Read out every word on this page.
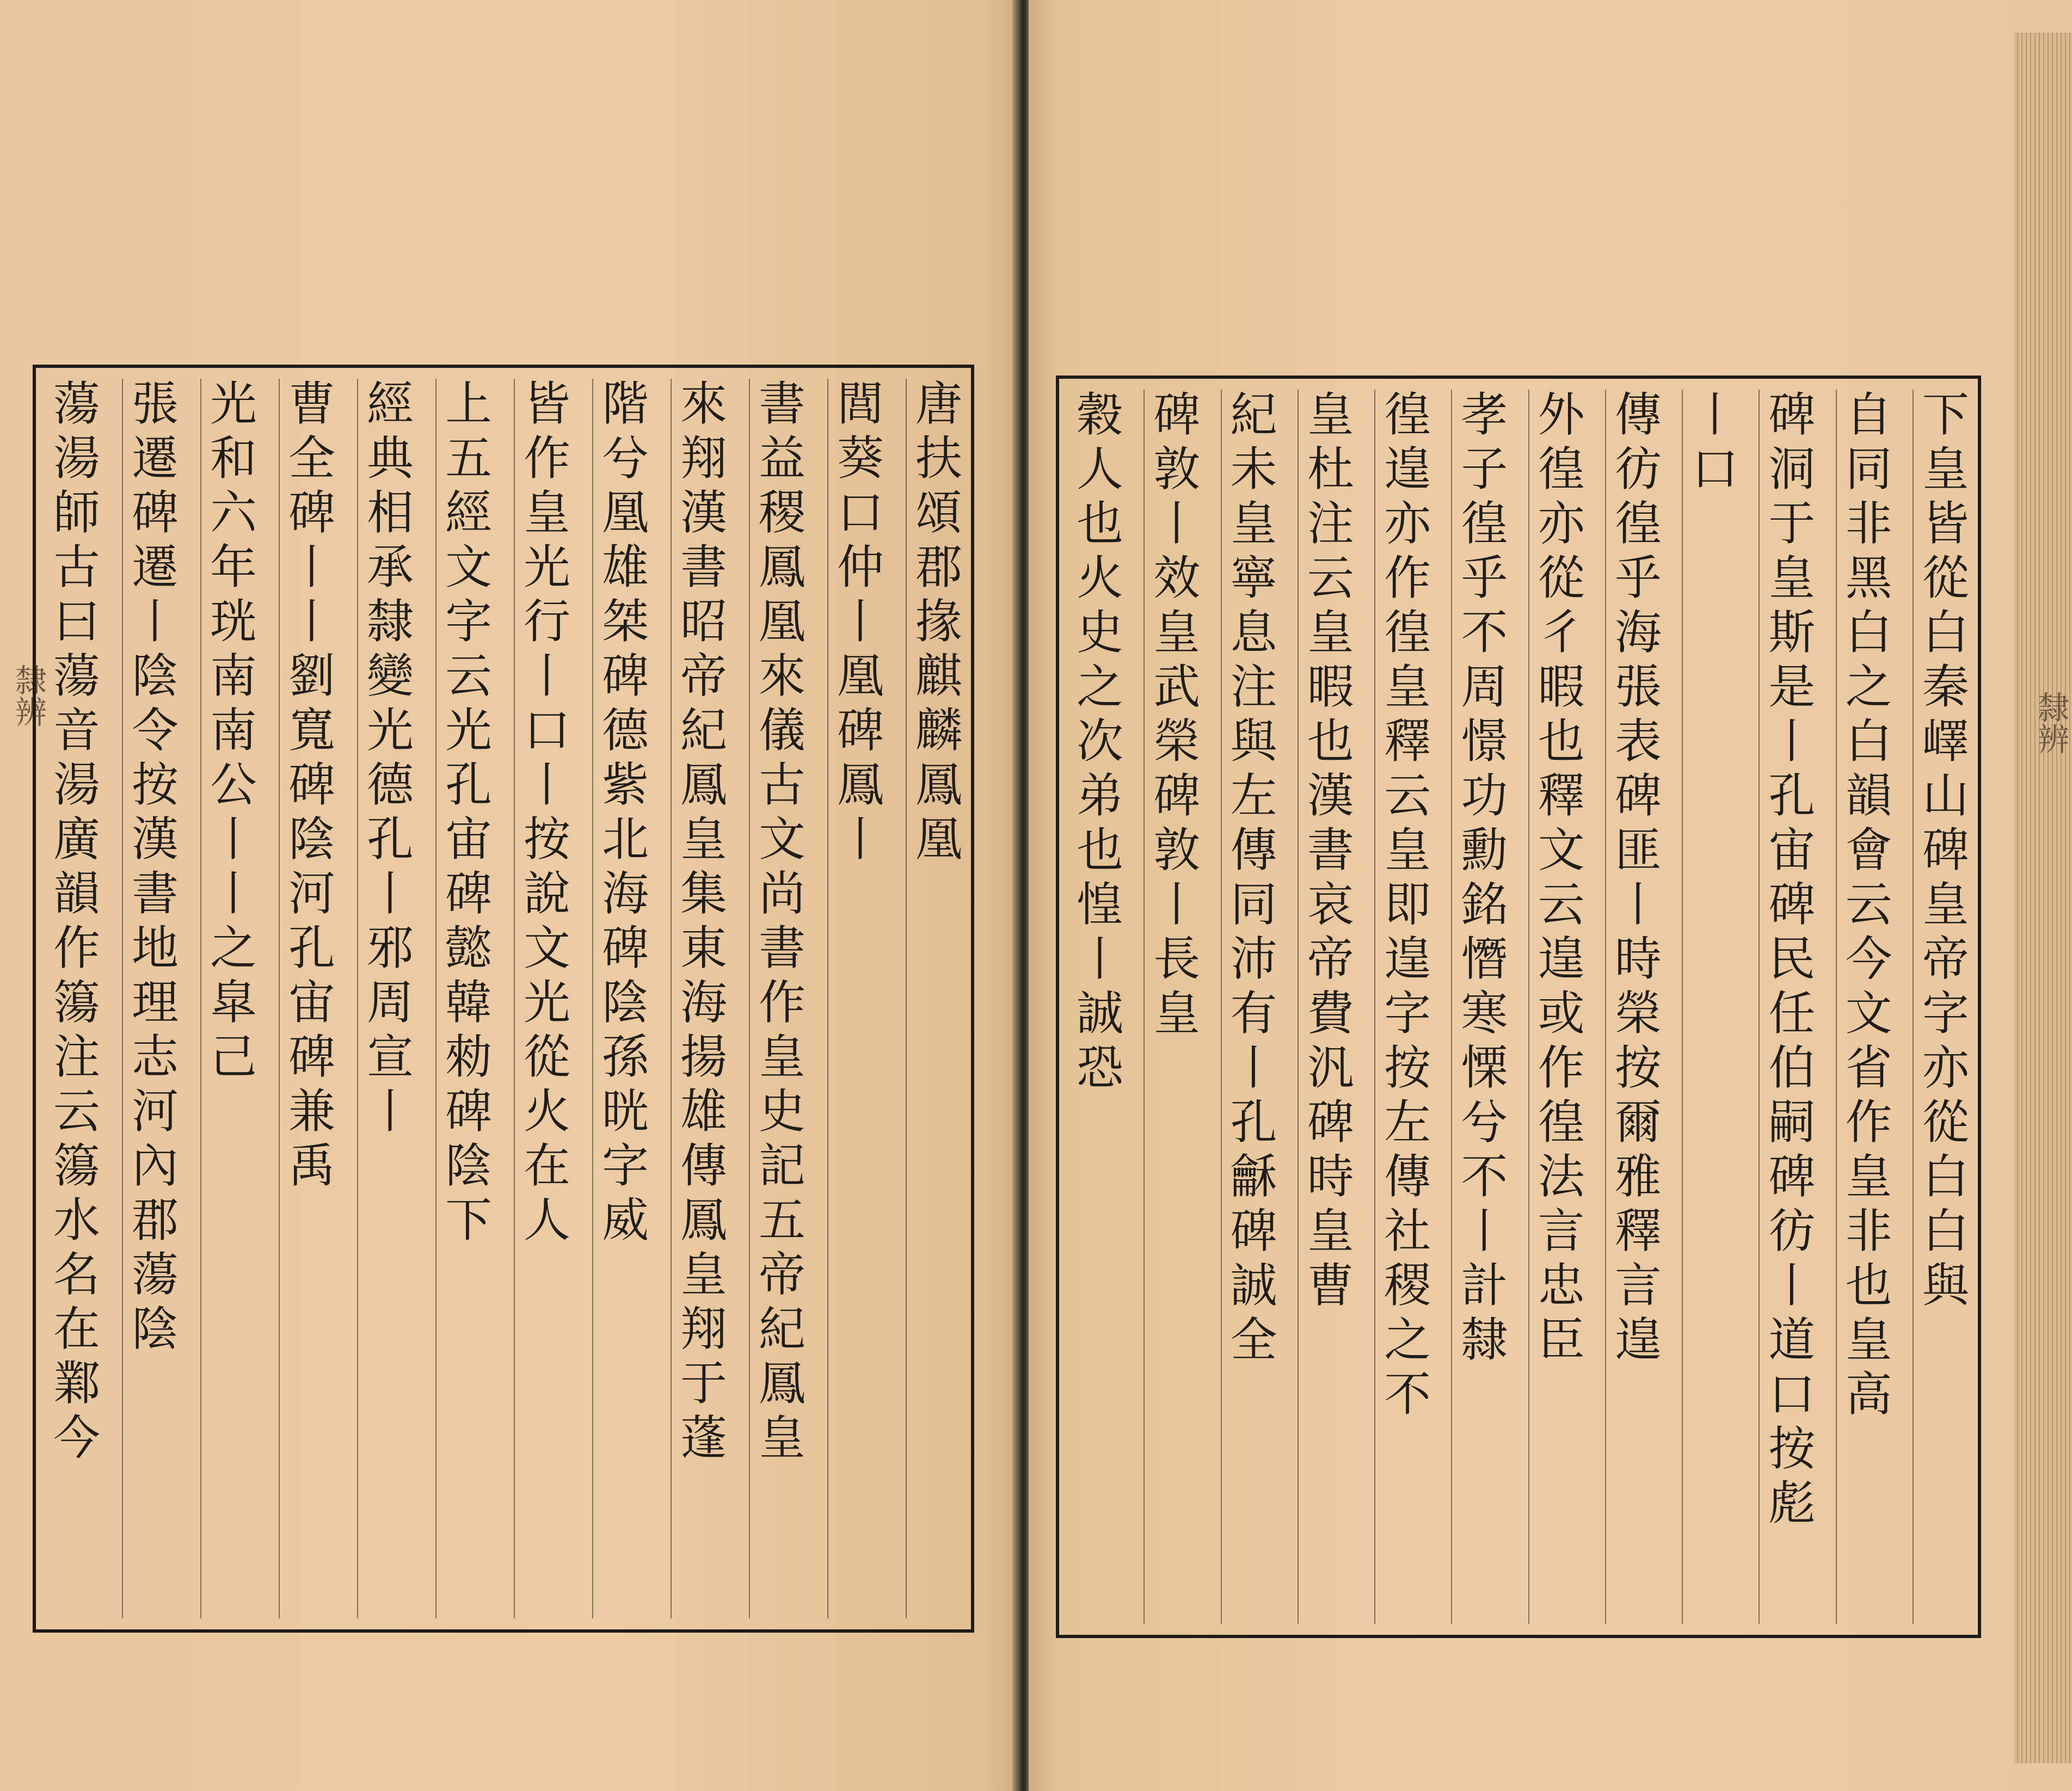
隸辨	唐扶頌郡掾麒麟鳳凰
閭葵口仲丨凰碑鳳丨
書益稷鳳凰來儀古文尚書作皇史記五帝紀鳳皇
來翔漢書昭帝紀鳳皇集東海揚雄傳鳳皇翔于蓬
階兮凰雄桀碑德紫北海碑陰孫晄字威
皆作皇光行丨口丨按說文光從火在人
上五經文字云光孔宙碑懿韓勑碑陰下
經典相承隸變光德孔丨邪周宣丨
曹全碑丨丨劉寬碑陰河孔宙碑兼禹
光和六年珖南南公丨丨之皐己
張遷碑遷丨陰令按漢書地理志河內郡蕩陰
蕩湯師古曰蕩音湯廣韻作簜注云簜水名在鄴今	下皇皆從白秦嶧山碑皇帝字亦從白白與
自同非黑白之白韻會云今文省作皇非也皇高
碑洞于皇斯是丨孔宙碑民任伯嗣碑彷丨道口按彪
丨口
傳彷徨乎海張表碑匪丨時榮按爾雅釋言遑
外徨亦從彳暇也釋文云遑或作徨法言忠臣
孝子徨乎不周憬功勳銘憯寒慄兮不丨計隸
徨遑亦作徨皇釋云皇即遑字按左傳社稷之不
皇杜注云皇暇也漢書哀帝費汎碑時皇曹
紀未皇寧息注與左傳同沛有丨孔龢碑誠全
碑敦丨效皇武榮碑敦丨長皇
穀人也火史之次弟也惶丨誠恐	隸辨
